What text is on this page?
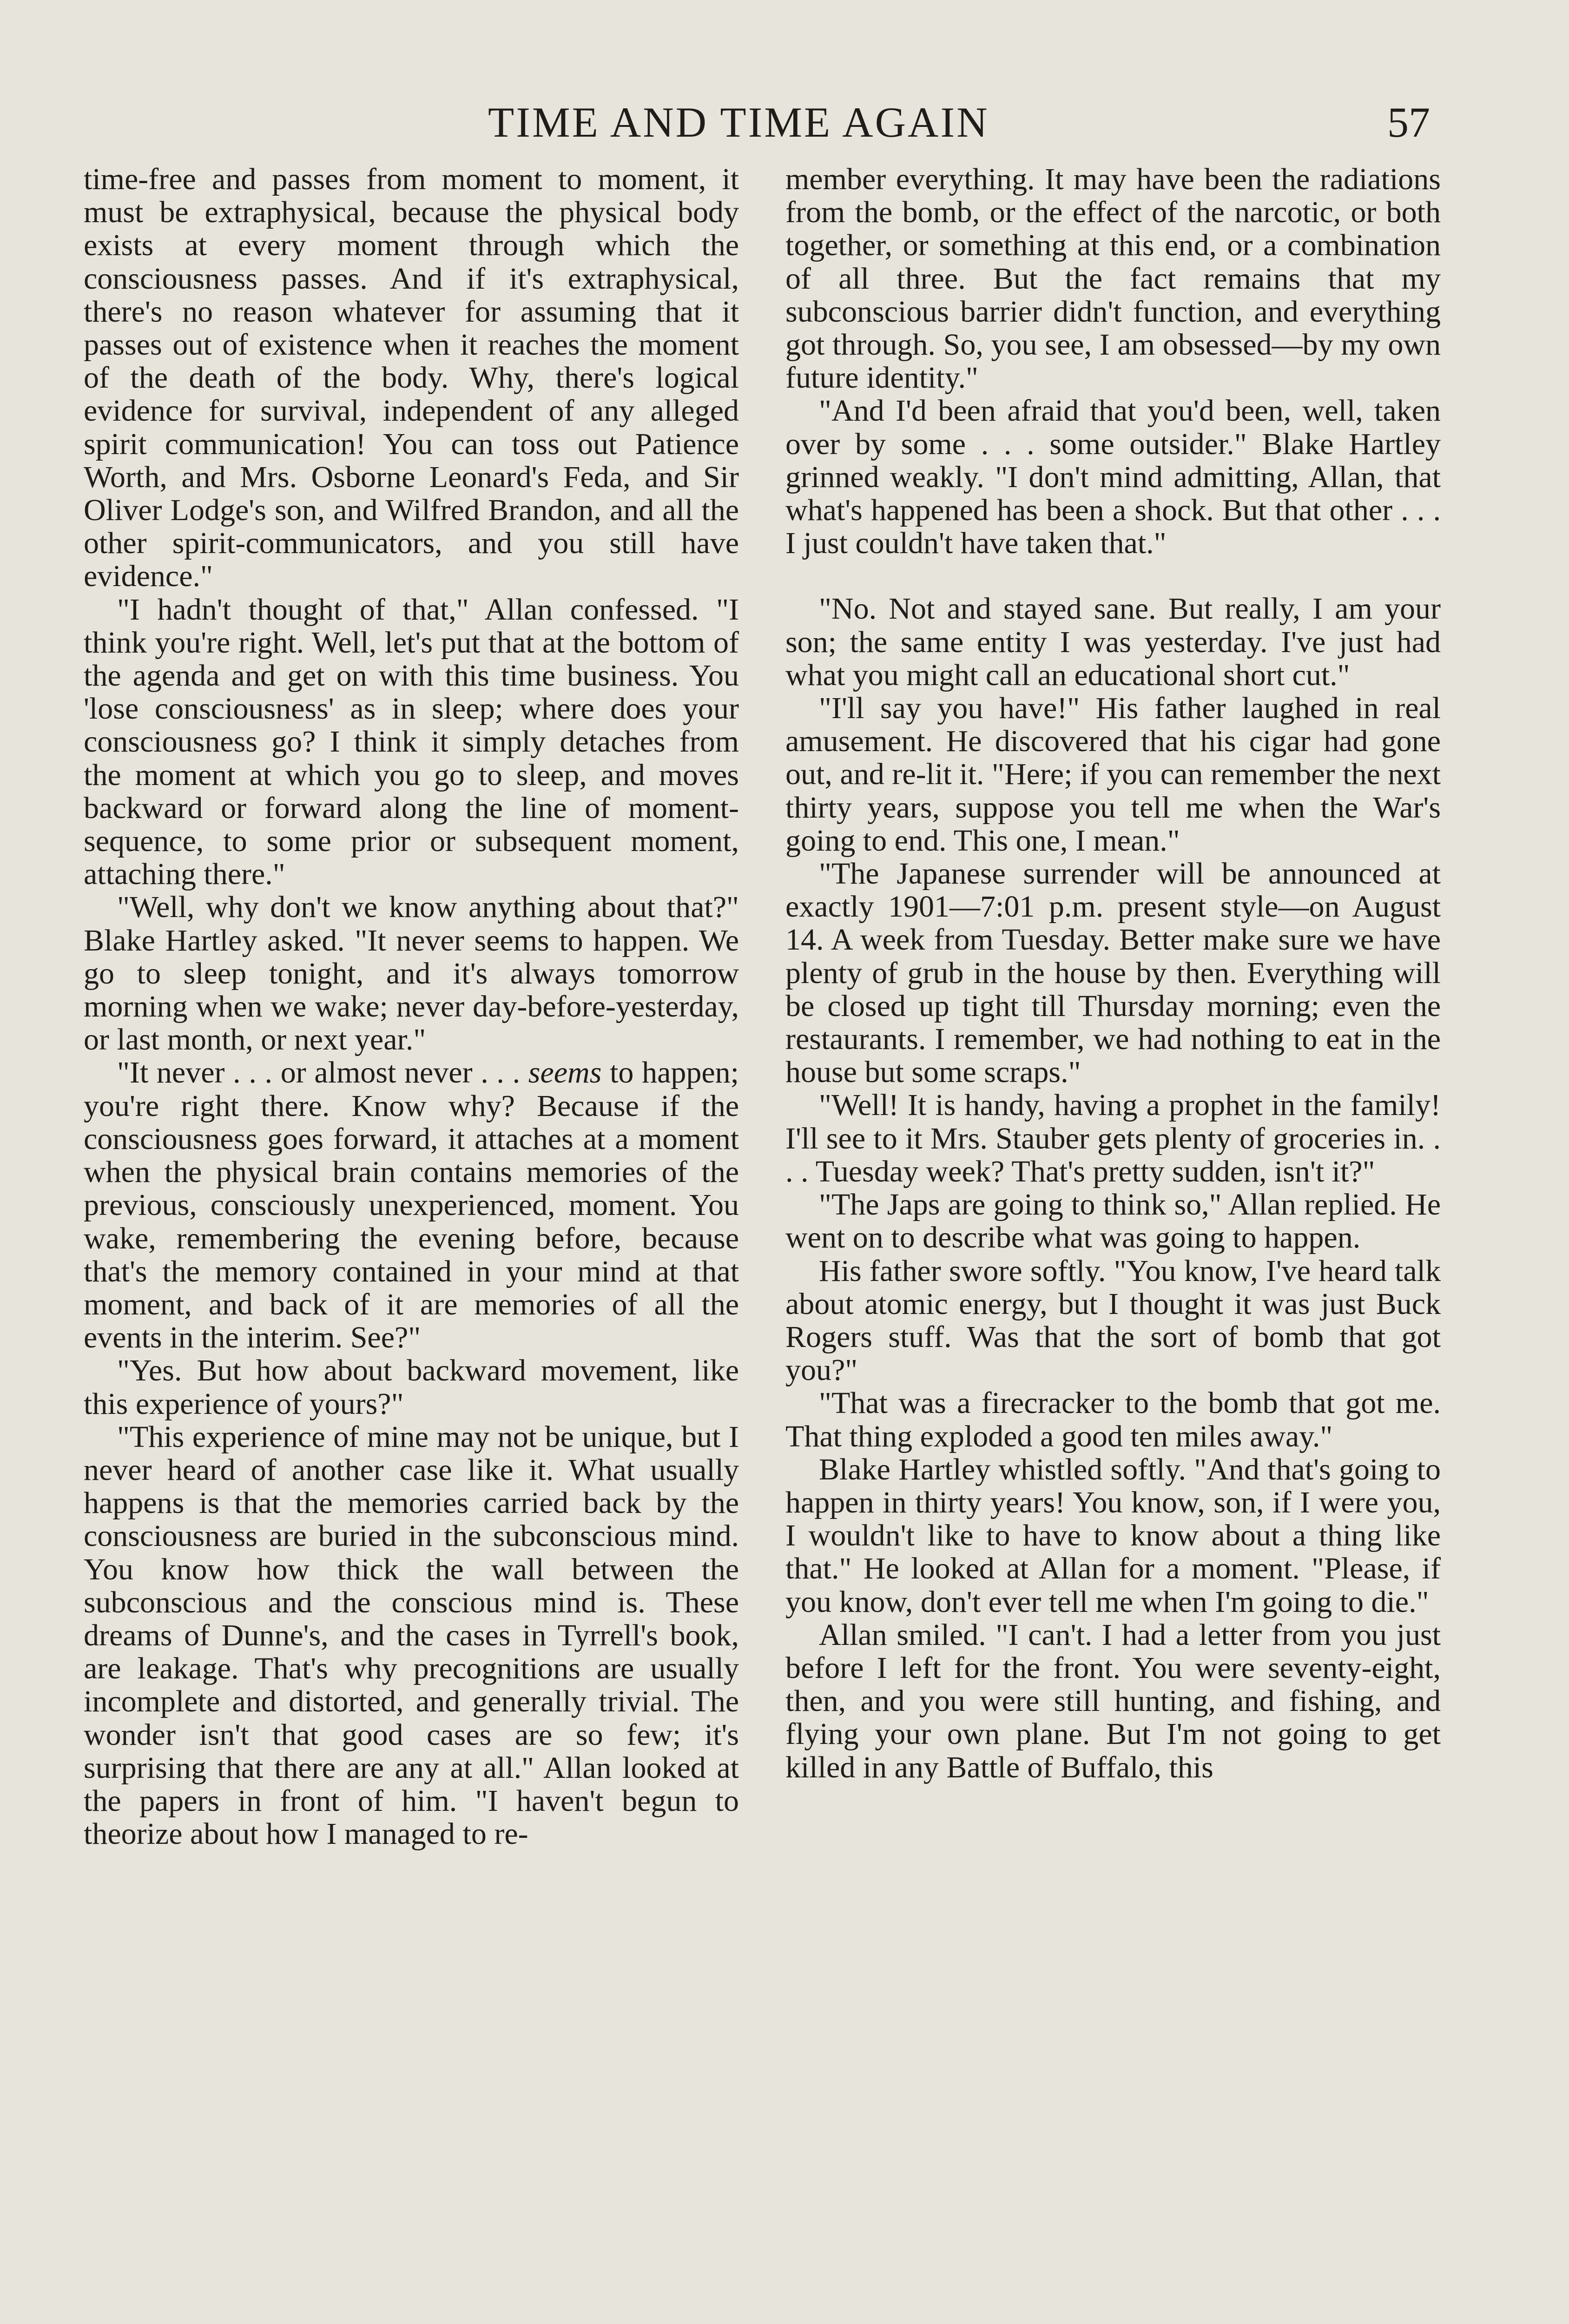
TIME AND TIME AGAIN	57

time-free and passes from moment to moment, it must be extraphysical, because the physical body exists at every moment through which the consciousness passes. And if it's extraphysical, there's no reason whatever for assuming that it passes out of existence when it reaches the moment of the death of the body. Why, there's logical evidence for survival, independent of any alleged spirit communication! You can toss out Patience Worth, and Mrs. Osborne Leonard's Feda, and Sir Oliver Lodge's son, and Wilfred Brandon, and all the other spirit-communicators, and you still have evidence."

"I hadn't thought of that," Allan confessed. "I think you're right. Well, let's put that at the bottom of the agenda and get on with this time business. You 'lose consciousness' as in sleep; where does your consciousness go? I think it simply detaches from the moment at which you go to sleep, and moves backward or forward along the line of moment-sequence, to some prior or subsequent moment, attaching there."

"Well, why don't we know anything about that?" Blake Hartley asked. "It never seems to happen. We go to sleep tonight, and it's always tomorrow morning when we wake; never day-before-yesterday, or last month, or next year."

"It never . . . or almost never . . . seems to happen; you're right there. Know why? Because if the consciousness goes forward, it attaches at a moment when the physical brain contains memories of the previous, consciously unexperienced, moment. You wake, remembering the evening before, because that's the memory contained in your mind at that moment, and back of it are memories of all the events in the interim. See?"

"Yes. But how about backward movement, like this experience of yours?"

"This experience of mine may not be unique, but I never heard of another case like it. What usually happens is that the memories carried back by the consciousness are buried in the subconscious mind. You know how thick the wall between the subconscious and the conscious mind is. These dreams of Dunne's, and the cases in Tyrrell's book, are leakage. That's why precognitions are usually incomplete and distorted, and generally trivial. The wonder isn't that good cases are so few; it's surprising that there are any at all." Allan looked at the papers in front of him. "I haven't begun to theorize about how I managed to re-

member everything. It may have been the radiations from the bomb, or the effect of the narcotic, or both together, or something at this end, or a combination of all three. But the fact remains that my subconscious barrier didn't function, and everything got through. So, you see, I am obsessed—by my own future identity."

"And I'd been afraid that you'd been, well, taken over by some . . . some outsider." Blake Hartley grinned weakly. "I don't mind admitting, Allan, that what's happened has been a shock. But that other . . . I just couldn't have taken that."

"No. Not and stayed sane. But really, I am your son; the same entity I was yesterday. I've just had what you might call an educational short cut."

"I'll say you have!" His father laughed in real amusement. He discovered that his cigar had gone out, and re-lit it. "Here; if you can remember the next thirty years, suppose you tell me when the War's going to end. This one, I mean."

"The Japanese surrender will be announced at exactly 1901—7:01 p.m. present style—on August 14. A week from Tuesday. Better make sure we have plenty of grub in the house by then. Everything will be closed up tight till Thursday morning; even the restaurants. I remember, we had nothing to eat in the house but some scraps."

"Well! It is handy, having a prophet in the family! I'll see to it Mrs. Stauber gets plenty of groceries in. . . . Tuesday week? That's pretty sudden, isn't it?"

"The Japs are going to think so," Allan replied. He went on to describe what was going to happen.

His father swore softly. "You know, I've heard talk about atomic energy, but I thought it was just Buck Rogers stuff. Was that the sort of bomb that got you?"

"That was a firecracker to the bomb that got me. That thing exploded a good ten miles away."

Blake Hartley whistled softly. "And that's going to happen in thirty years! You know, son, if I were you, I wouldn't like to have to know about a thing like that." He looked at Allan for a moment. "Please, if you know, don't ever tell me when I'm going to die."

Allan smiled. "I can't. I had a letter from you just before I left for the front. You were seventy-eight, then, and you were still hunting, and fishing, and flying your own plane. But I'm not going to get killed in any Battle of Buffalo, this
